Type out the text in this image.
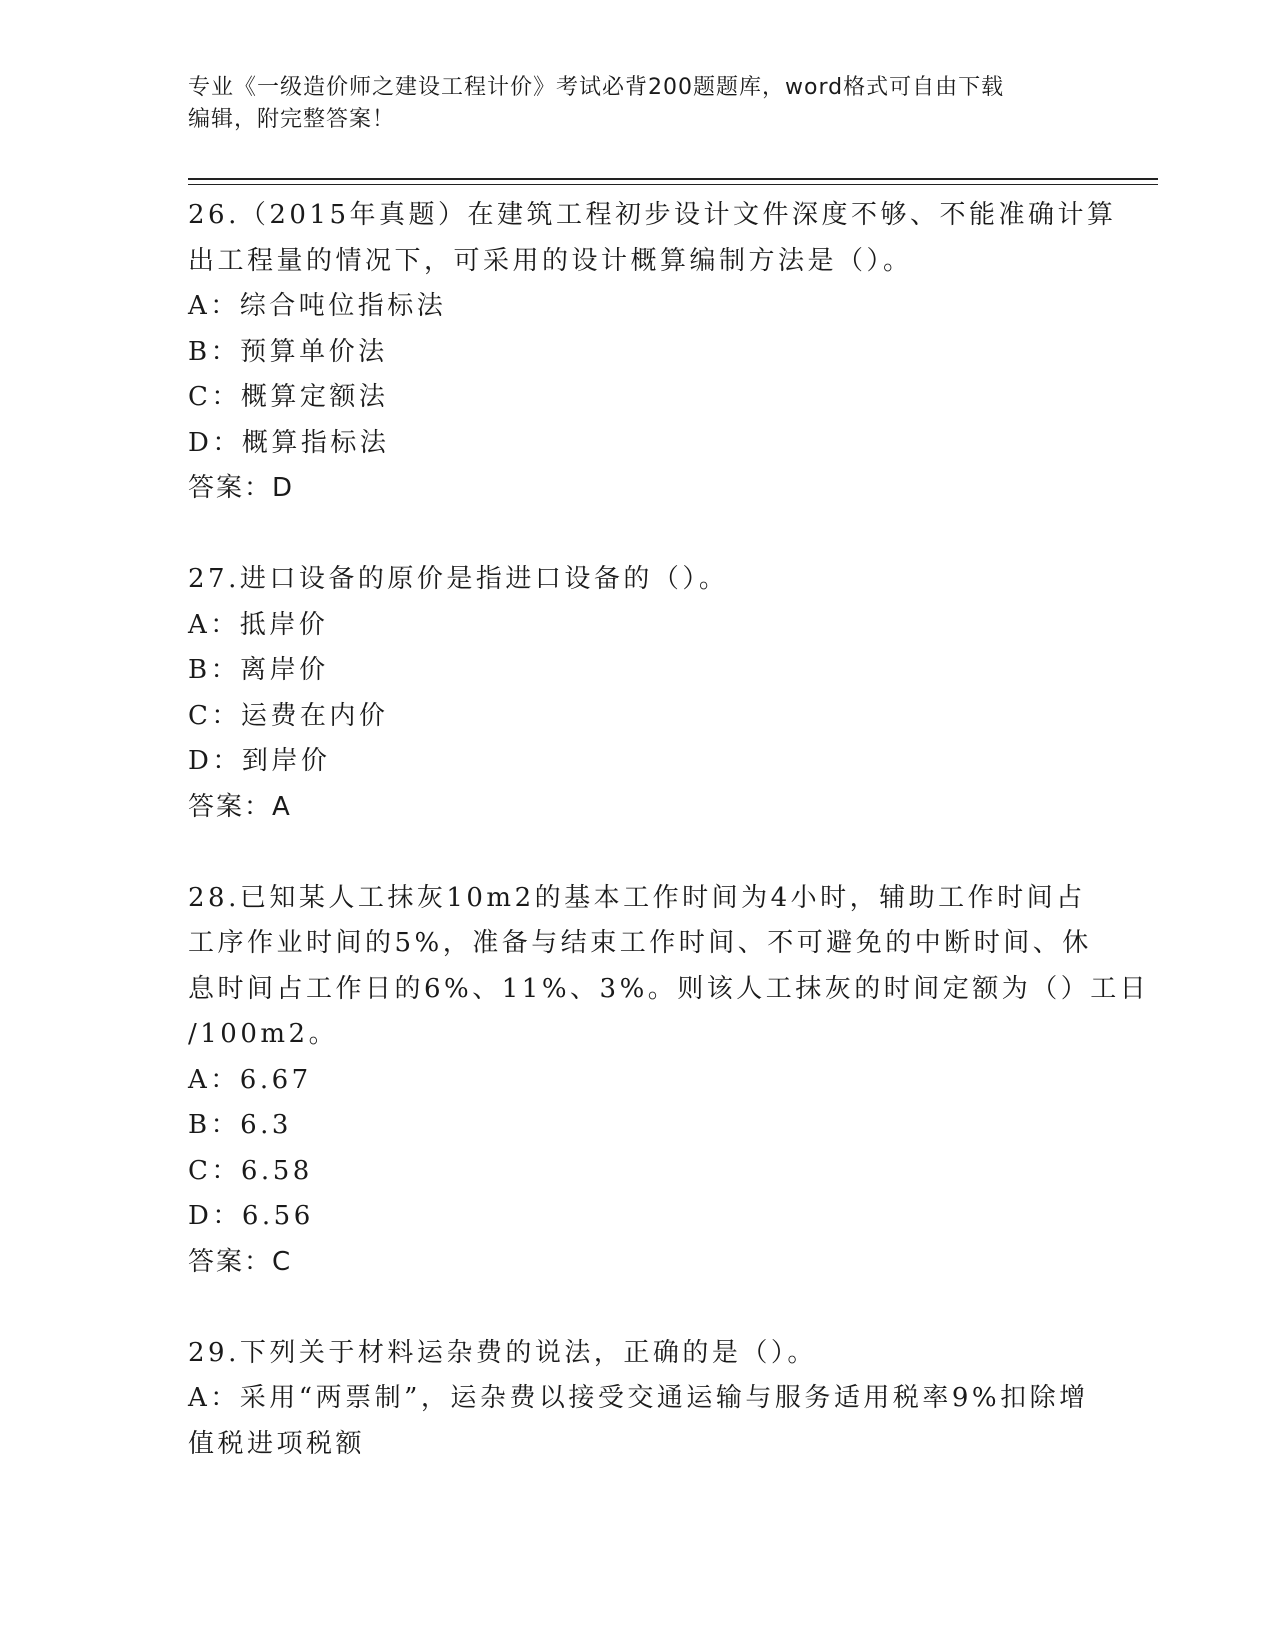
专业《一级造价师之建设工程计价》考试必背200题题库，word格式可自由下载
编辑，附完整答案！
26.（2015年真题）在建筑工程初步设计文件深度不够、不能准确计算
出工程量的情况下，可采用的设计概算编制方法是（）。
A：综合吨位指标法
B：预算单价法
C：概算定额法
D：概算指标法
答案：D
27.进口设备的原价是指进口设备的（）。
A：抵岸价
B：离岸价
C：运费在内价
D：到岸价
答案：A
28.已知某人工抹灰10m2的基本工作时间为4小时，辅助工作时间占
工序作业时间的5%，准备与结束工作时间、不可避免的中断时间、休
息时间占工作日的6%、11%、3%。则该人工抹灰的时间定额为（）工日
/100m2。
A：6.67
B：6.3
C：6.58
D：6.56
答案：C
29.下列关于材料运杂费的说法，正确的是（）。
A：采用“两票制”，运杂费以接受交通运输与服务适用税率9%扣除增
值税进项税额
